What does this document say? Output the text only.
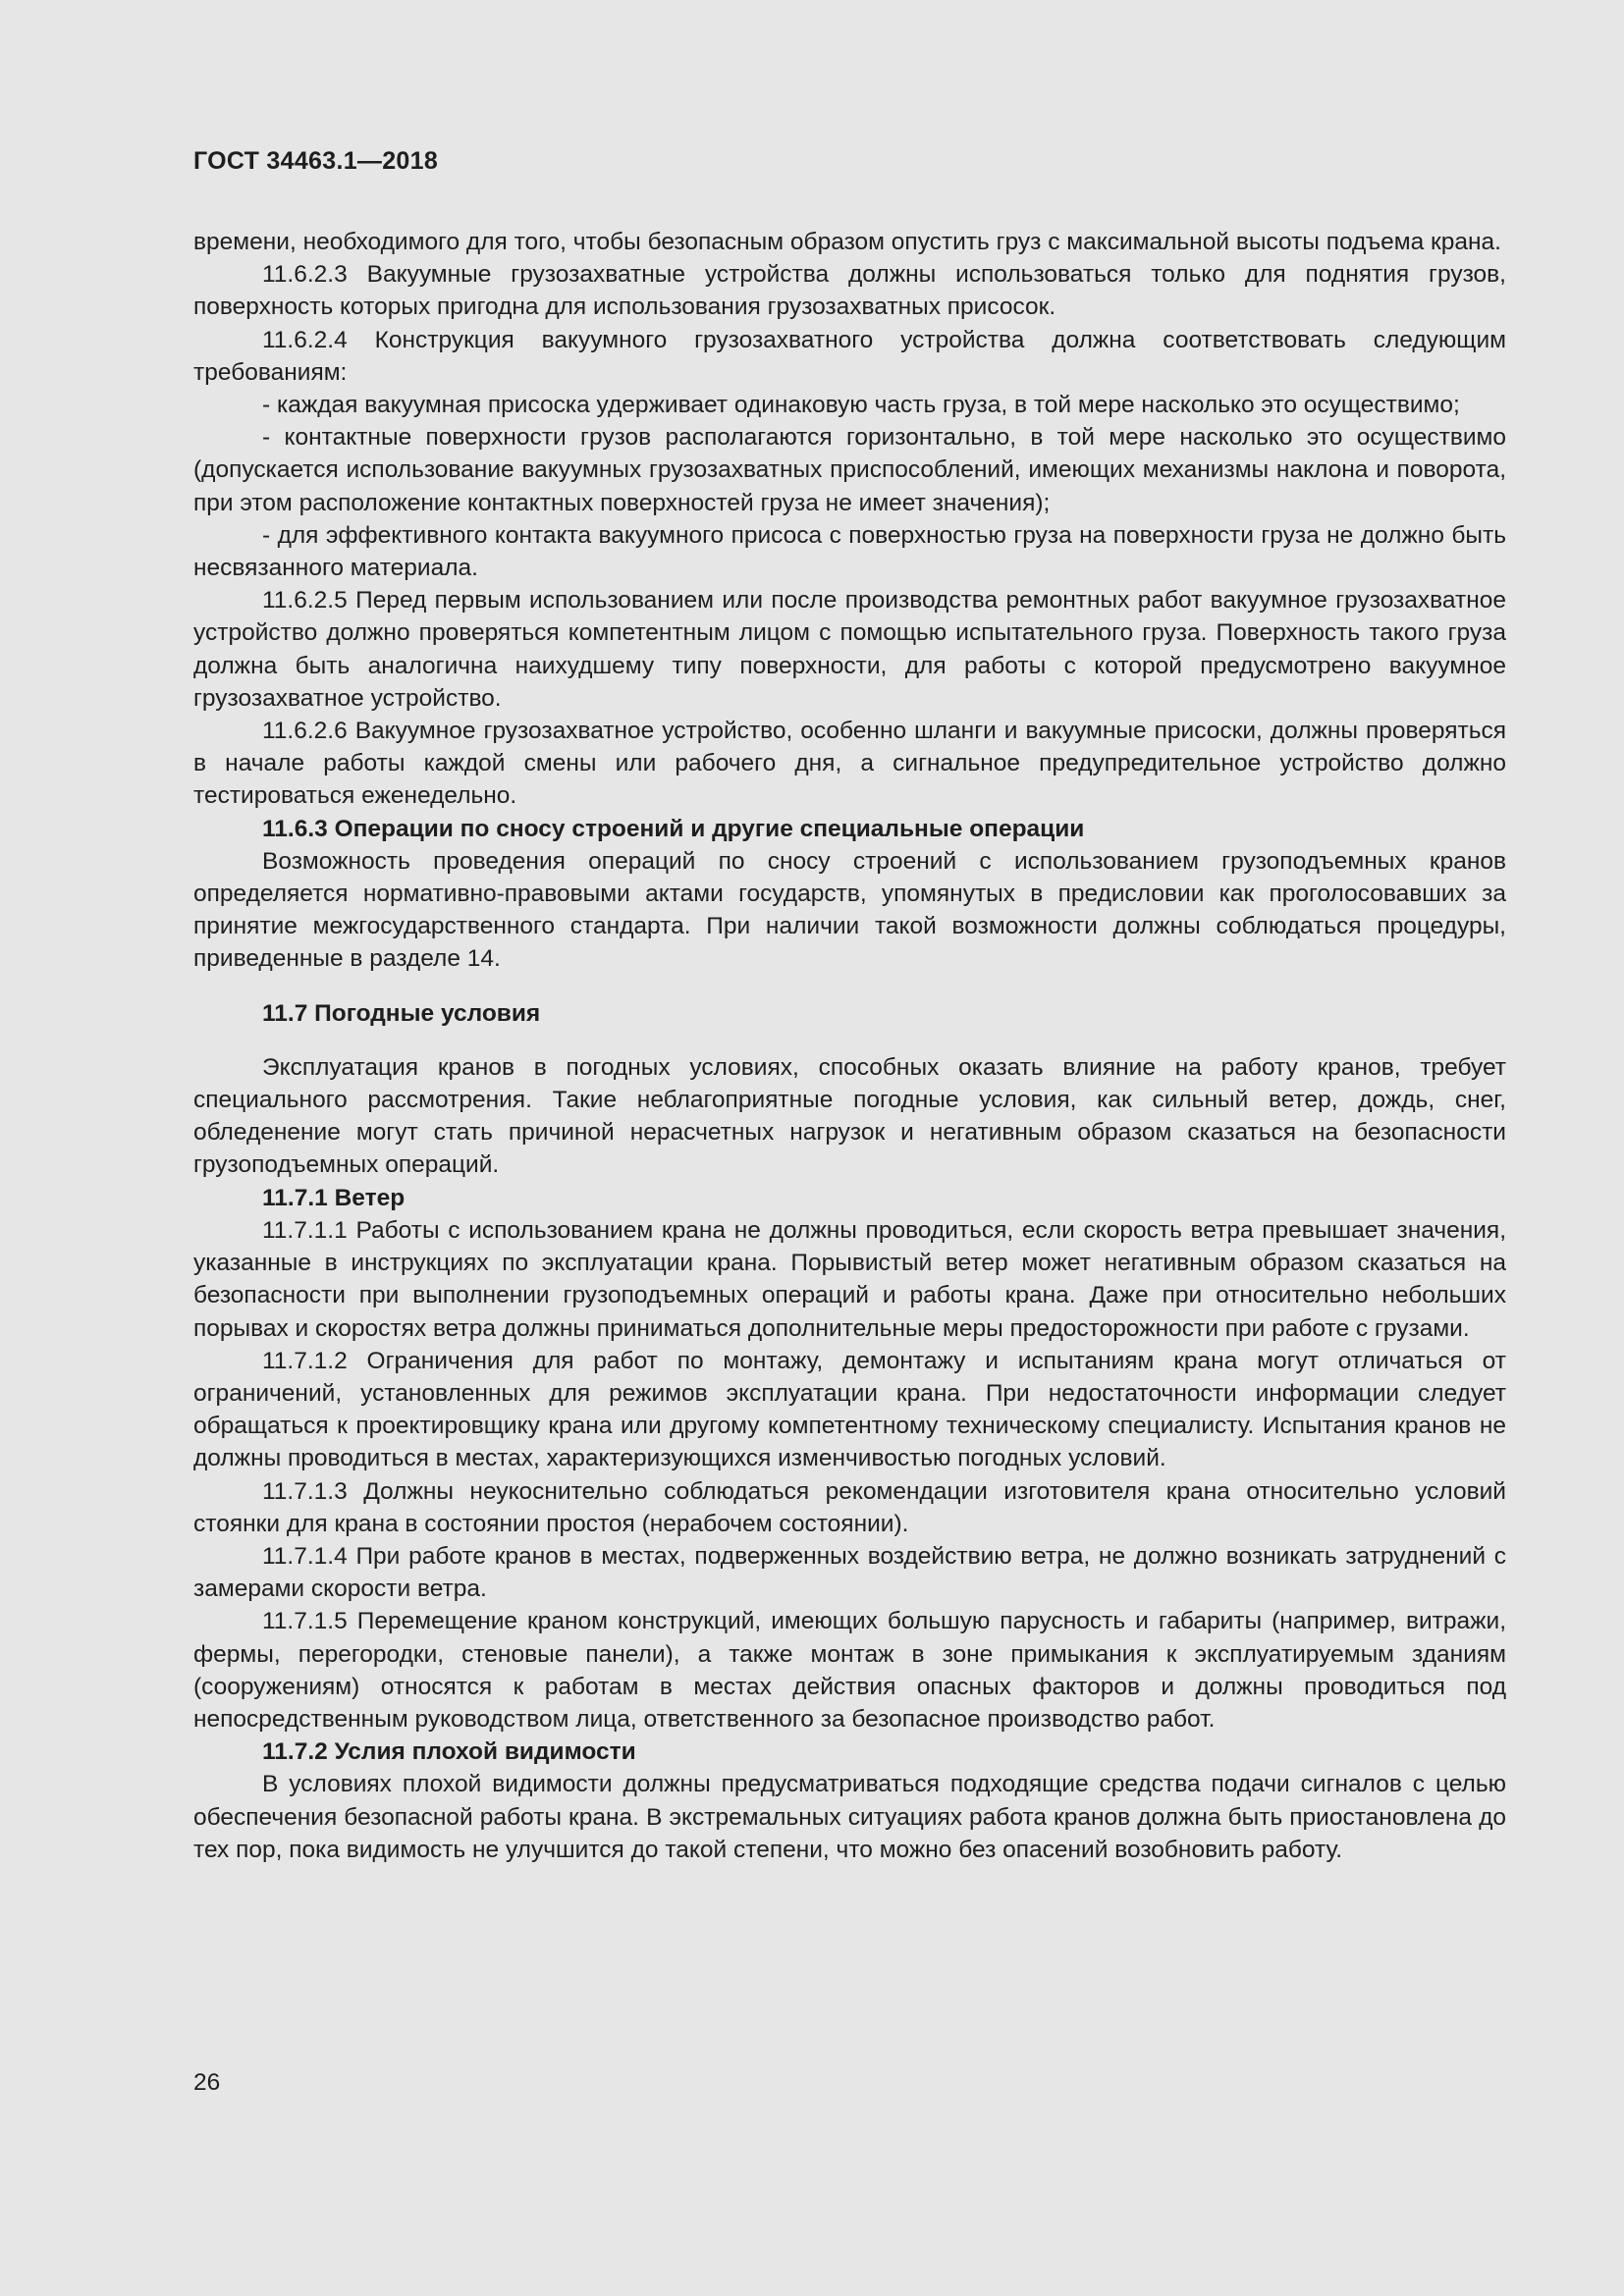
ГОСТ 34463.1—2018

времени, необходимого для того, чтобы безопасным образом опустить груз с максимальной высоты подъема крана.

11.6.2.3 Вакуумные грузозахватные устройства должны использоваться только для поднятия грузов, поверхность которых пригодна для использования грузозахватных присосок.

11.6.2.4 Конструкция вакуумного грузозахватного устройства должна соответствовать следующим требованиям:

- каждая вакуумная присоска удерживает одинаковую часть груза, в той мере насколько это осуществимо;

- контактные поверхности грузов располагаются горизонтально, в той мере насколько это осуществимо (допускается использование вакуумных грузозахватных приспособлений, имеющих механизмы наклона и поворота, при этом расположение контактных поверхностей груза не имеет значения);

- для эффективного контакта вакуумного присоса с поверхностью груза на поверхности груза не должно быть несвязанного материала.

11.6.2.5 Перед первым использованием или после производства ремонтных работ вакуумное грузозахватное устройство должно проверяться компетентным лицом с помощью испытательного груза. Поверхность такого груза должна быть аналогична наихудшему типу поверхности, для работы с которой предусмотрено вакуумное грузозахватное устройство.

11.6.2.6 Вакуумное грузозахватное устройство, особенно шланги и вакуумные присоски, должны проверяться в начале работы каждой смены или рабочего дня, а сигнальное предупредительное устройство должно тестироваться еженедельно.

11.6.3 Операции по сносу строений и другие специальные операции

Возможность проведения операций по сносу строений с использованием грузоподъемных кранов определяется нормативно-правовыми актами государств, упомянутых в предисловии как проголосовавших за принятие межгосударственного стандарта. При наличии такой возможности должны соблюдаться процедуры, приведенные в разделе 14.

11.7 Погодные условия

Эксплуатация кранов в погодных условиях, способных оказать влияние на работу кранов, требует специального рассмотрения. Такие неблагоприятные погодные условия, как сильный ветер, дождь, снег, обледенение могут стать причиной нерасчетных нагрузок и негативным образом сказаться на безопасности грузоподъемных операций.

11.7.1 Ветер

11.7.1.1 Работы с использованием крана не должны проводиться, если скорость ветра превышает значения, указанные в инструкциях по эксплуатации крана. Порывистый ветер может негативным образом сказаться на безопасности при выполнении грузоподъемных операций и работы крана. Даже при относительно небольших порывах и скоростях ветра должны приниматься дополнительные меры предосторожности при работе с грузами.

11.7.1.2 Ограничения для работ по монтажу, демонтажу и испытаниям крана могут отличаться от ограничений, установленных для режимов эксплуатации крана. При недостаточности информации следует обращаться к проектировщику крана или другому компетентному техническому специалисту. Испытания кранов не должны проводиться в местах, характеризующихся изменчивостью погодных условий.

11.7.1.3 Должны неукоснительно соблюдаться рекомендации изготовителя крана относительно условий стоянки для крана в состоянии простоя (нерабочем состоянии).

11.7.1.4 При работе кранов в местах, подверженных воздействию ветра, не должно возникать затруднений с замерами скорости ветра.

11.7.1.5 Перемещение краном конструкций, имеющих большую парусность и габариты (например, витражи, фермы, перегородки, стеновые панели), а также монтаж в зоне примыкания к эксплуатируемым зданиям (сооружениям) относятся к работам в местах действия опасных факторов и должны проводиться под непосредственным руководством лица, ответственного за безопасное производство работ.

11.7.2 Услия плохой видимости

В условиях плохой видимости должны предусматриваться подходящие средства подачи сигналов с целью обеспечения безопасной работы крана. В экстремальных ситуациях работа кранов должна быть приостановлена до тех пор, пока видимость не улучшится до такой степени, что можно без опасений возобновить работу.

26
